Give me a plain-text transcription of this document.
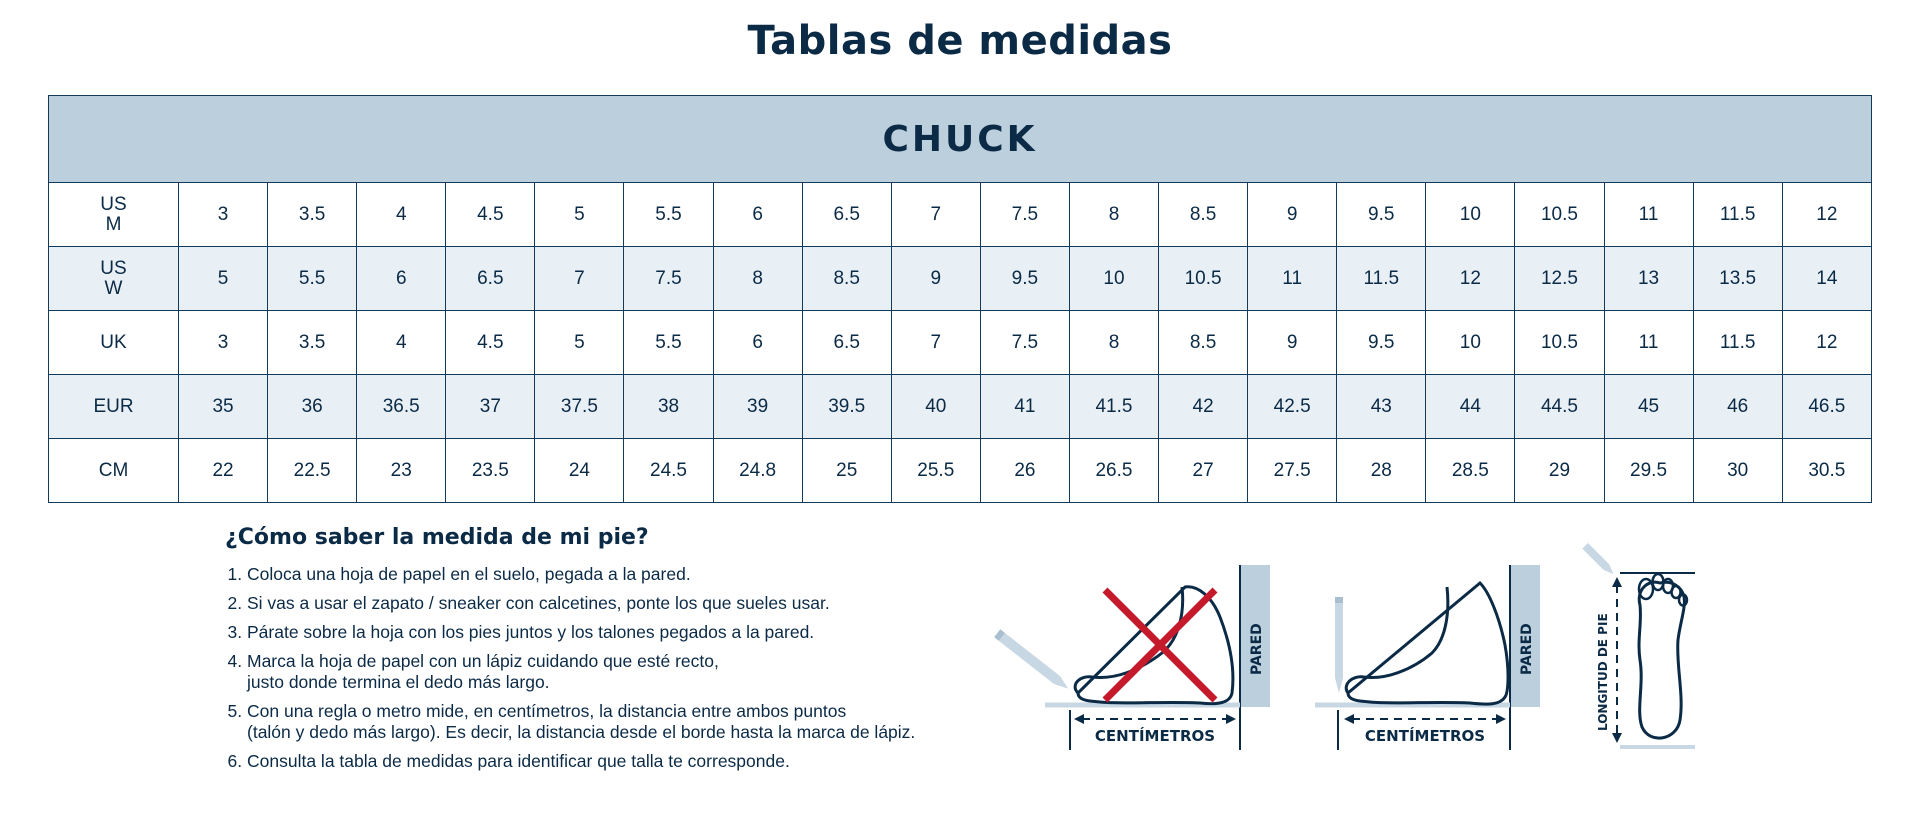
Tablas de medidas
CHUCK																			
US
M	3	3.5	4	4.5	5	5.5	6	6.5	7	7.5	8	8.5	9	9.5	10	10.5	11	11.5	12
US
W	5	5.5	6	6.5	7	7.5	8	8.5	9	9.5	10	10.5	11	11.5	12	12.5	13	13.5	14
UK	3	3.5	4	4.5	5	5.5	6	6.5	7	7.5	8	8.5	9	9.5	10	10.5	11	11.5	12
EUR	35	36	36.5	37	37.5	38	39	39.5	40	41	41.5	42	42.5	43	44	44.5	45	46	46.5
CM	22	22.5	23	23.5	24	24.5	24.8	25	25.5	26	26.5	27	27.5	28	28.5	29	29.5	30	30.5
¿Cómo saber la medida de mi pie?
1. Coloca una hoja de papel en el suelo, pegada a la pared.
2. Si vas a usar el zapato / sneaker con calcetines, ponte los que sueles usar.
3. Párate sobre la hoja con los pies juntos y los talones pegados a la pared.
4. Marca la hoja de papel con un lápiz cuidando que esté recto,
justo donde termina el dedo más largo.
5. Con una regla o metro mide, en centímetros, la distancia entre ambos puntos
(talón y dedo más largo). Es decir, la distancia desde el borde hasta la marca de lápiz.
6. Consulta la tabla de medidas para identificar que talla te corresponde.
PARED
CENTÍMETROS
PARED
CENTÍMETROS
LONGITUD DE PIE
